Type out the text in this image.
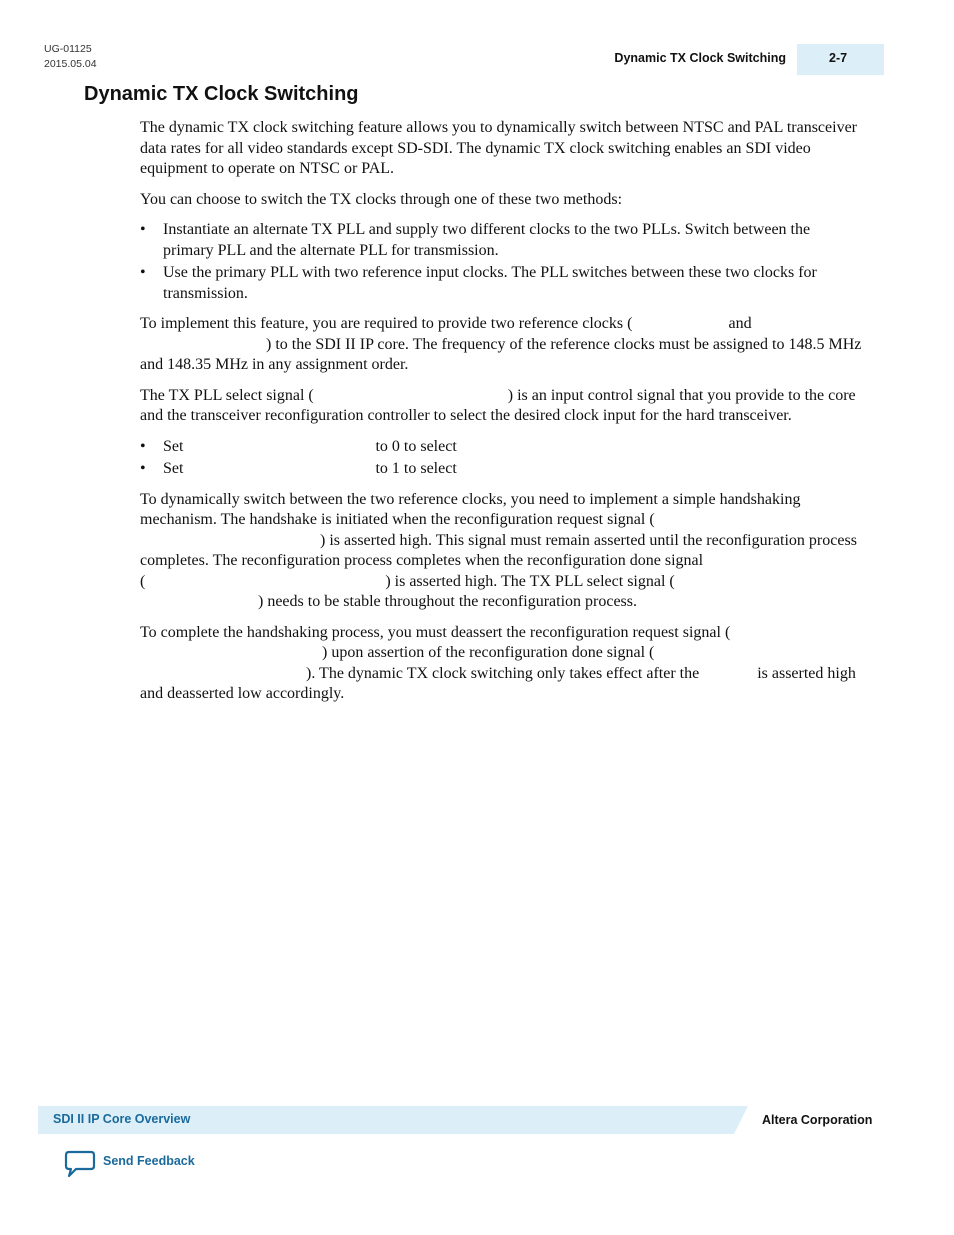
UG-01125
2015.05.04	Dynamic TX Clock Switching	2-7
Dynamic TX Clock Switching

The dynamic TX clock switching feature allows you to dynamically switch between NTSC and PAL transceiver data rates for all video standards except SD-SDI. The dynamic TX clock switching enables an SDI video equipment to operate on NTSC or PAL.

You can choose to switch the TX clocks through one of these two methods:

• Instantiate an alternate TX PLL and supply two different clocks to the two PLLs. Switch between the primary PLL and the alternate PLL for transmission.
• Use the primary PLL with two reference input clocks. The PLL switches between these two clocks for transmission.

To implement this feature, you are required to provide two reference clocks (	and
) to the SDI II IP core. The frequency of the reference clocks must be assigned to 148.5 MHz and 148.35 MHz in any assignment order.

The TX PLL select signal (	) is an input control signal that you provide to the core and the transceiver reconfiguration controller to select the desired clock input for the hard transceiver.

• Set	to 0 to select
• Set	to 1 to select

To dynamically switch between the two reference clocks, you need to implement a simple handshaking mechanism. The handshake is initiated when the reconfiguration request signal (
) is asserted high. This signal must remain asserted until the reconfiguration process completes. The reconfiguration process completes when the reconfiguration done signal
(	) is asserted high. The TX PLL select signal (
) needs to be stable throughout the reconfiguration process.

To complete the handshaking process, you must deassert the reconfiguration request signal (
) upon assertion of the reconfiguration done signal (
). The dynamic TX clock switching only takes effect after the	is asserted high and deasserted low accordingly.

SDI II IP Core Overview	Altera Corporation
Send Feedback
